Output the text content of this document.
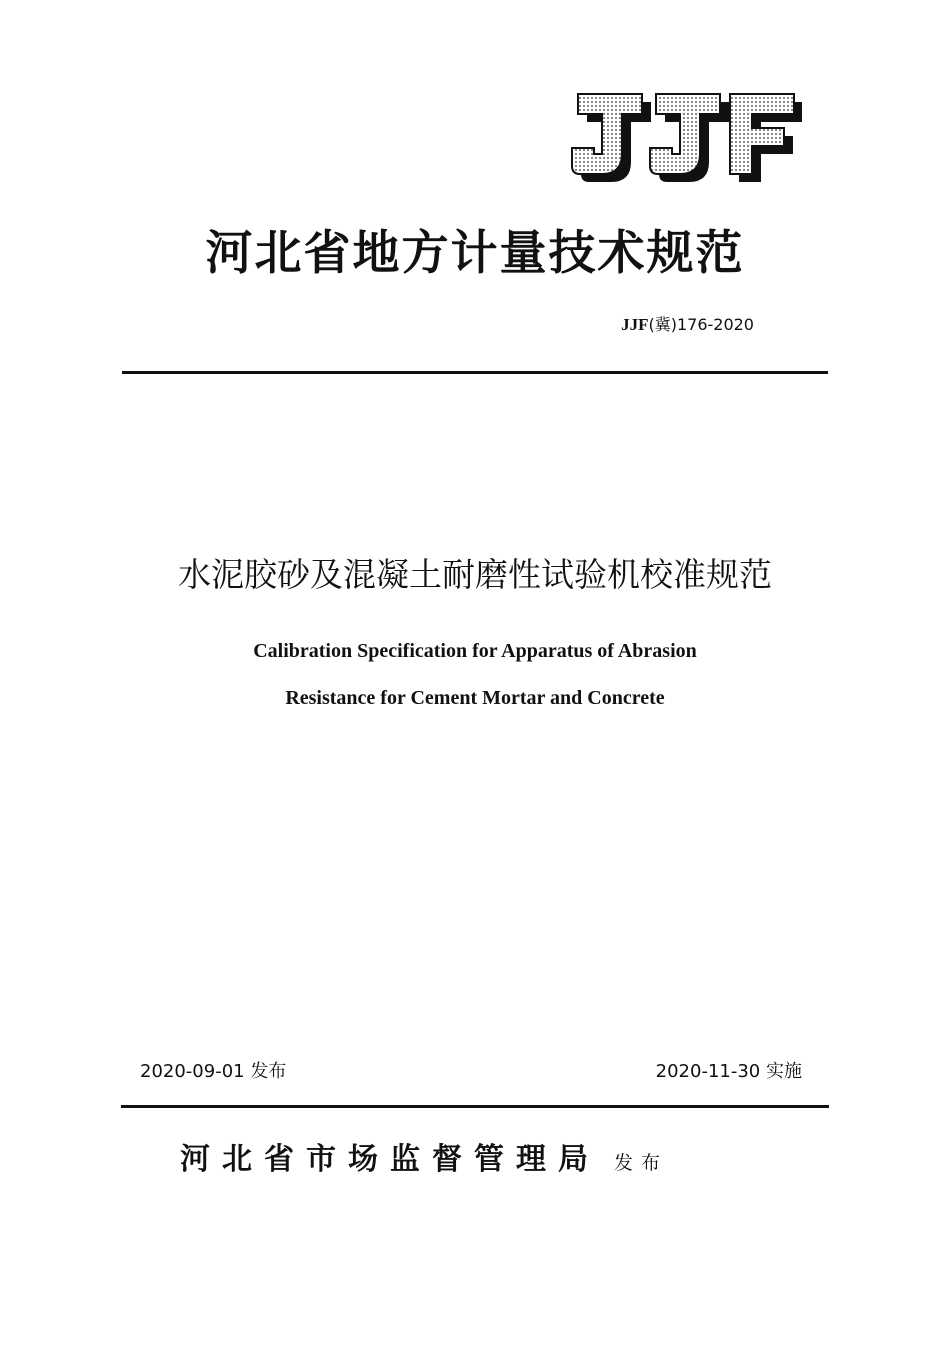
河北省地方计量技术规范
JJF(冀)176-2020
水泥胶砂及混凝土耐磨性试验机校准规范
Calibration Specification for Apparatus of Abrasion
Resistance for Cement Mortar and Concrete
2020-09-01 发布	2020-11-30 实施
河北省市场监督管理局 发布
